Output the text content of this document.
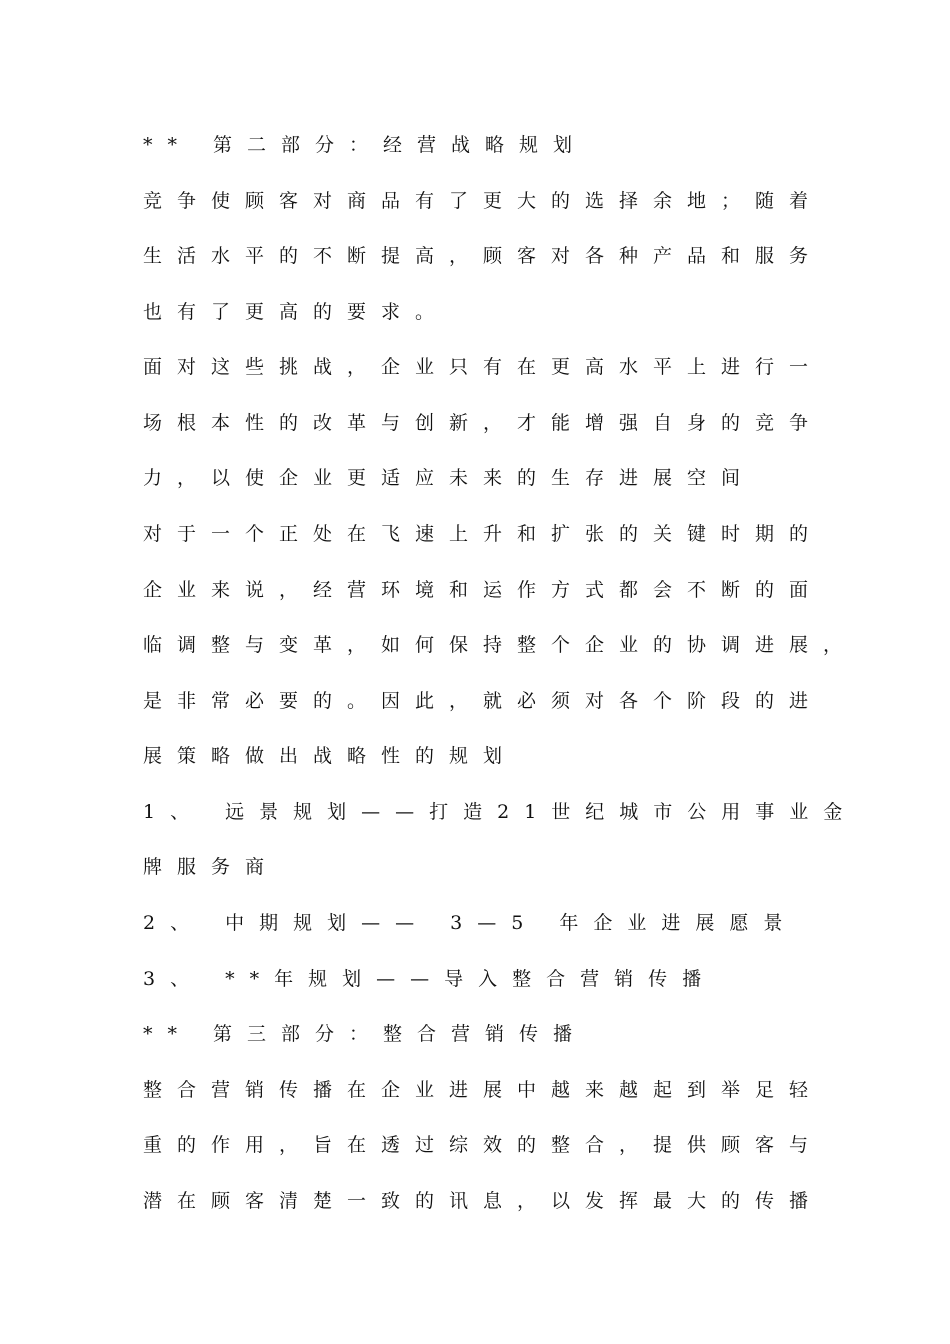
** 第二部分：经营战略规划
竞争使顾客对商品有了更大的选择余地；随着
生活水平的不断提高，顾客对各种产品和服务
也有了更高的要求。
面对这些挑战，企业只有在更高水平上进行一
场根本性的改革与创新，才能增强自身的竞争
力，以使企业更适应未来的生存进展空间
对于一个正处在飞速上升和扩张的关键时期的
企业来说，经营环境和运作方式都会不断的面
临调整与变革，如何保持整个企业的协调进展，
是非常必要的。因此，就必须对各个阶段的进
展策略做出战略性的规划
1、 远景规划——打造21世纪城市公用事业金
牌服务商
2、 中期规划—— 3—5 年企业进展愿景
3、 **年规划——导入整合营销传播
** 第三部分：整合营销传播
整合营销传播在企业进展中越来越起到举足轻
重的作用，旨在透过综效的整合，提供顾客与
潜在顾客清楚一致的讯息，以发挥最大的传播
